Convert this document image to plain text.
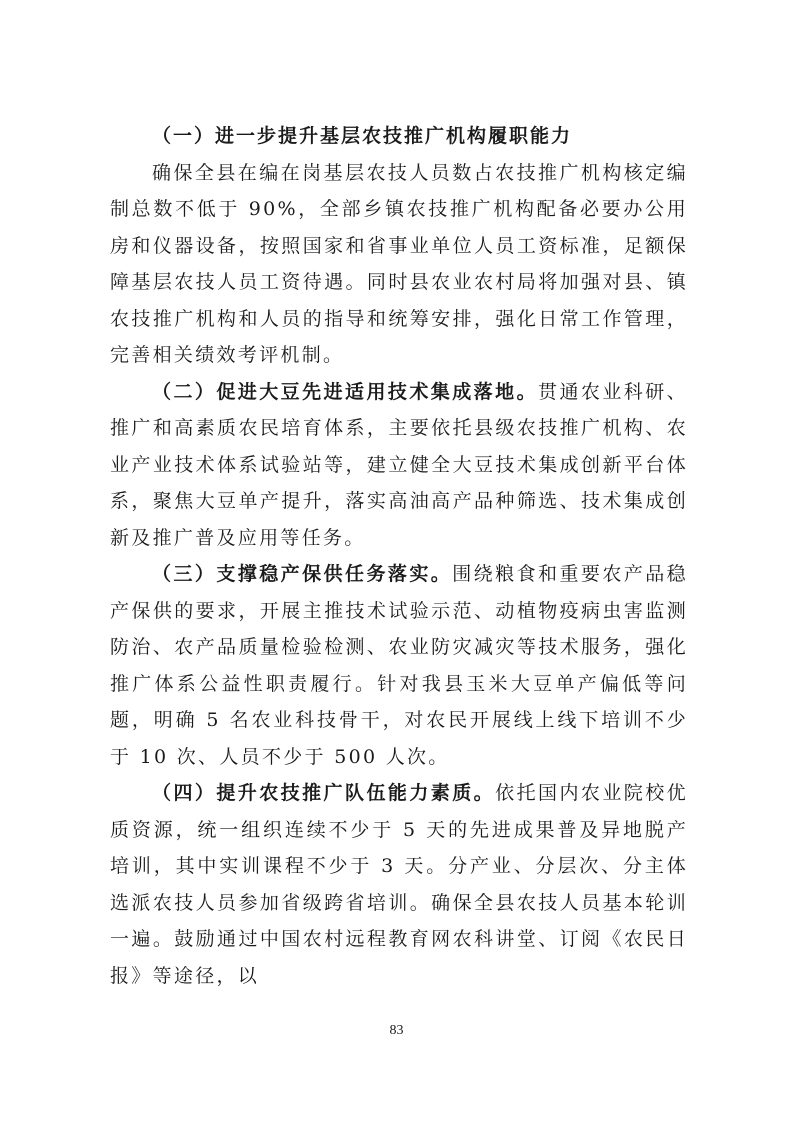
（一）进一步提升基层农技推广机构履职能力

确保全县在编在岗基层农技人员数占农技推广机构核定编制总数不低于 90%，全部乡镇农技推广机构配备必要办公用房和仪器设备，按照国家和省事业单位人员工资标准，足额保障基层农技人员工资待遇。同时县农业农村局将加强对县、镇农技推广机构和人员的指导和统筹安排，强化日常工作管理，完善相关绩效考评机制。

（二）促进大豆先进适用技术集成落地。贯通农业科研、推广和高素质农民培育体系，主要依托县级农技推广机构、农业产业技术体系试验站等，建立健全大豆技术集成创新平台体系，聚焦大豆单产提升，落实高油高产品种筛选、技术集成创新及推广普及应用等任务。

（三）支撑稳产保供任务落实。围绕粮食和重要农产品稳产保供的要求，开展主推技术试验示范、动植物疫病虫害监测防治、农产品质量检验检测、农业防灾减灾等技术服务，强化推广体系公益性职责履行。针对我县玉米大豆单产偏低等问题，明确 5 名农业科技骨干，对农民开展线上线下培训不少于 10 次、人员不少于 500 人次。

（四）提升农技推广队伍能力素质。依托国内农业院校优质资源，统一组织连续不少于 5 天的先进成果普及异地脱产培训，其中实训课程不少于 3 天。分产业、分层次、分主体选派农技人员参加省级跨省培训。确保全县农技人员基本轮训一遍。鼓励通过中国农村远程教育网农科讲堂、订阅《农民日报》等途径，以

83
